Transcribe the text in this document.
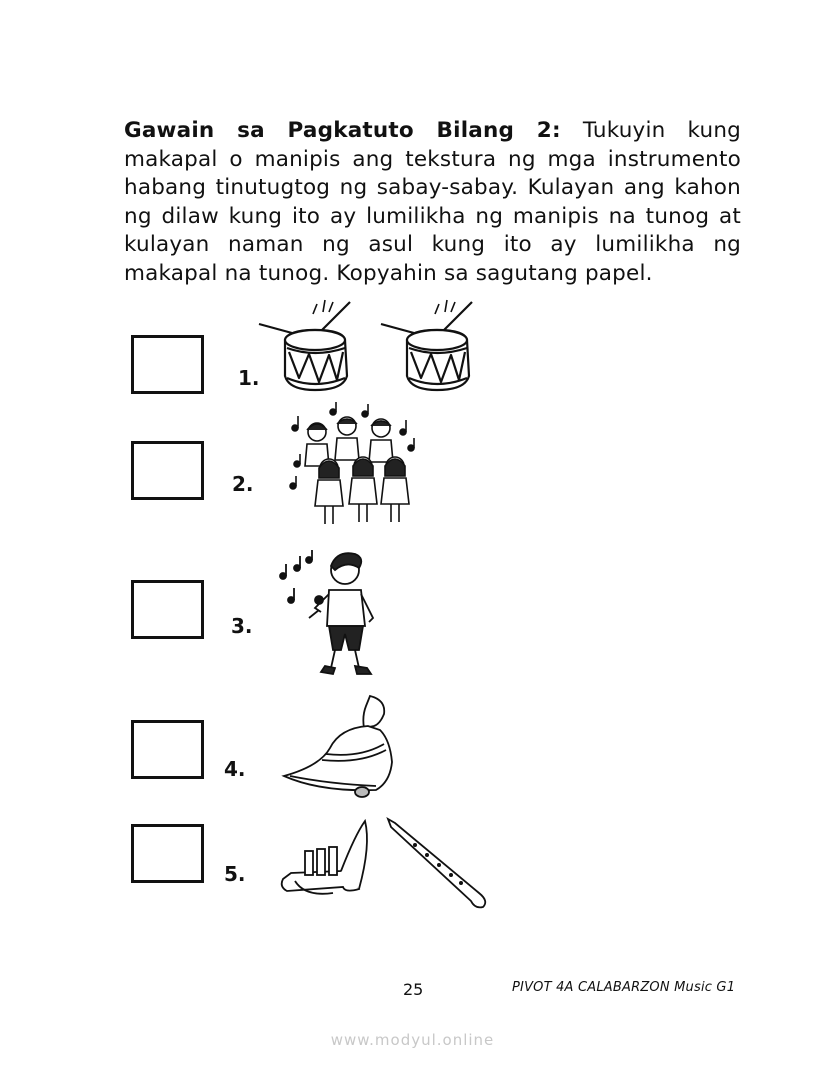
Gawain sa Pagkatuto Bilang 2: Tukuyin kung makapal o manipis ang tekstura ng mga instrumento habang tinutugtog ng sabay-sabay. Kulayan ang kahon ng dilaw kung ito ay lumilikha ng manipis na tunog at kulayan naman ng asul kung ito ay lumilikha ng makapal na tunog. Kopyahin sa sagutang papel.
1.
2.
3.
4.
5.
25	PIVOT 4A CALABARZON Music G1
www.modyul.online
